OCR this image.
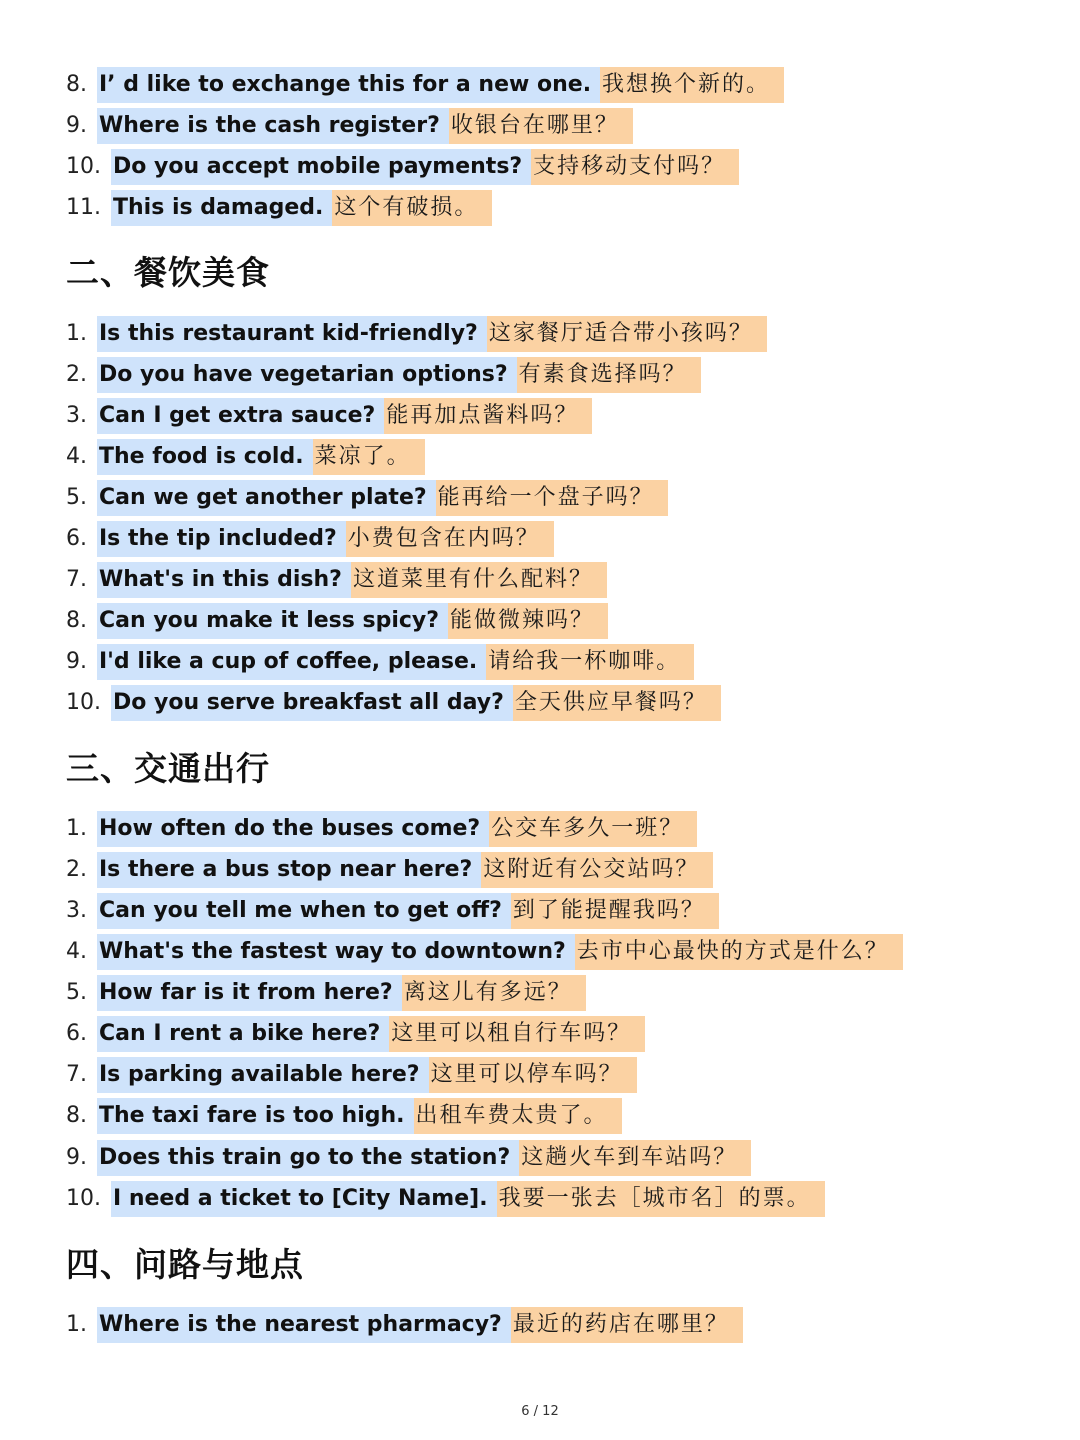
8. I’ d like to exchange this for a new one. 我想换个新的。
9. Where is the cash register? 收银台在哪里？
10. Do you accept mobile payments? 支持移动支付吗？
11. This is damaged. 这个有破损。
二、餐饮美食
1. Is this restaurant kid-friendly? 这家餐厅适合带小孩吗？
2. Do you have vegetarian options? 有素食选择吗？
3. Can I get extra sauce? 能再加点酱料吗？
4. The food is cold. 菜凉了。
5. Can we get another plate? 能再给一个盘子吗？
6. Is the tip included? 小费包含在内吗？
7. What's in this dish? 这道菜里有什么配料？
8. Can you make it less spicy? 能做微辣吗？
9. I'd like a cup of coffee, please. 请给我一杯咖啡。
10. Do you serve breakfast all day? 全天供应早餐吗？
三、交通出行
1. How often do the buses come? 公交车多久一班？
2. Is there a bus stop near here? 这附近有公交站吗？
3. Can you tell me when to get off? 到了能提醒我吗？
4. What's the fastest way to downtown? 去市中心最快的方式是什么？
5. How far is it from here? 离这儿有多远？
6. Can I rent a bike here? 这里可以租自行车吗？
7. Is parking available here? 这里可以停车吗？
8. The taxi fare is too high. 出租车费太贵了。
9. Does this train go to the station? 这趟火车到车站吗？
10. I need a ticket to [City Name]. 我要一张去［城市名］的票。
四、问路与地点
1. Where is the nearest pharmacy? 最近的药店在哪里？
6 / 12
